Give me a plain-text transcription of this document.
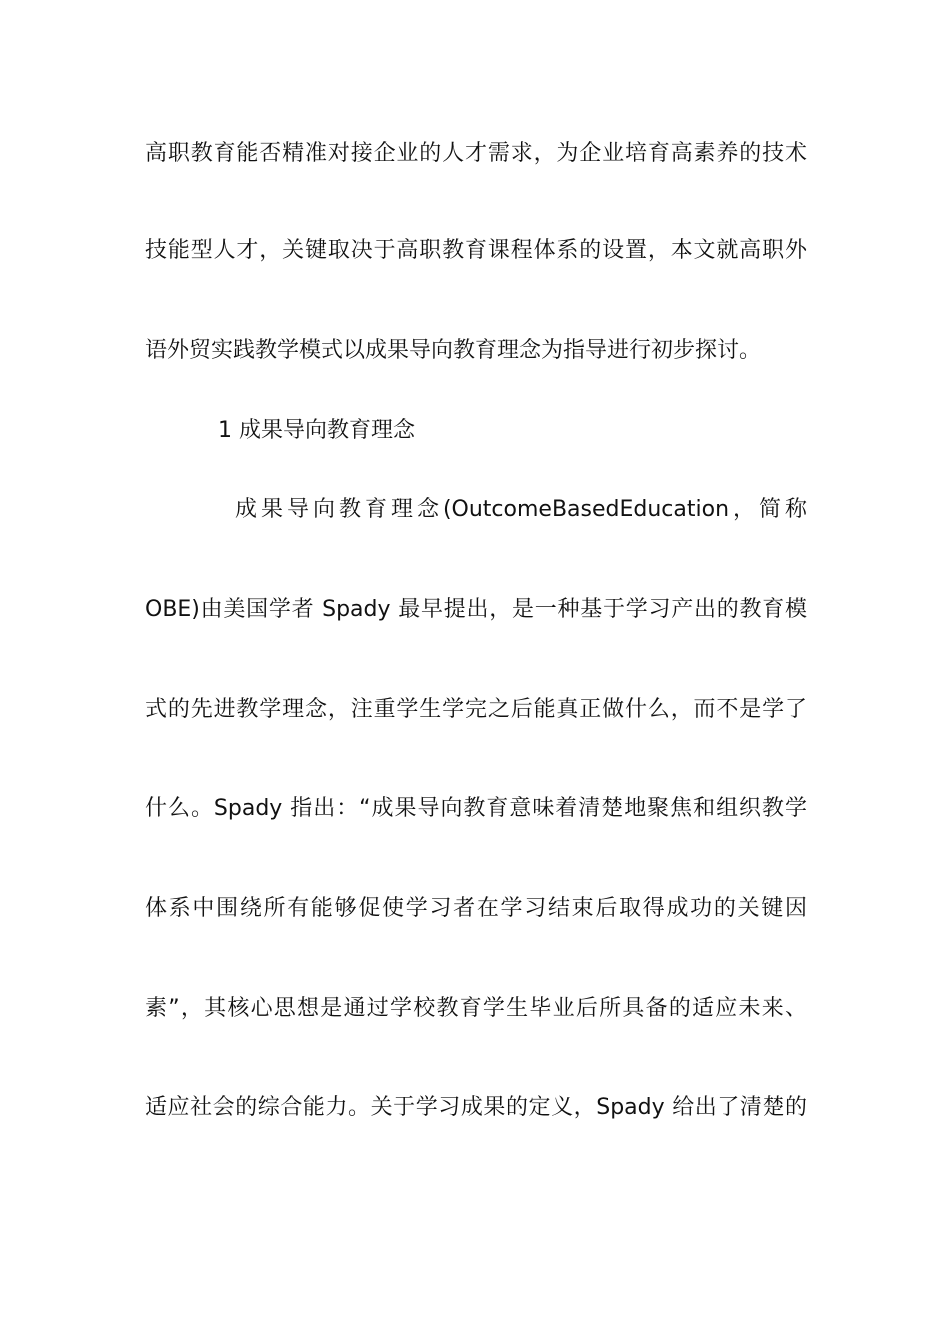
高职教育能否精准对接企业的人才需求，为企业培育高素养的技术
技能型人才，关键取决于高职教育课程体系的设置，本文就高职外
语外贸实践教学模式以成果导向教育理念为指导进行初步探讨。
1 成果导向教育理念
成果导向教育理念(OutcomeBasedEducation，简称
OBE)由美国学者 Spady 最早提出，是一种基于学习产出的教育模
式的先进教学理念，注重学生学完之后能真正做什么，而不是学了
什么。Spady 指出：“成果导向教育意味着清楚地聚焦和组织教学
体系中围绕所有能够促使学习者在学习结束后取得成功的关键因
素”，其核心思想是通过学校教育学生毕业后所具备的适应未来、
适应社会的综合能力。关于学习成果的定义，Spady 给出了清楚的
